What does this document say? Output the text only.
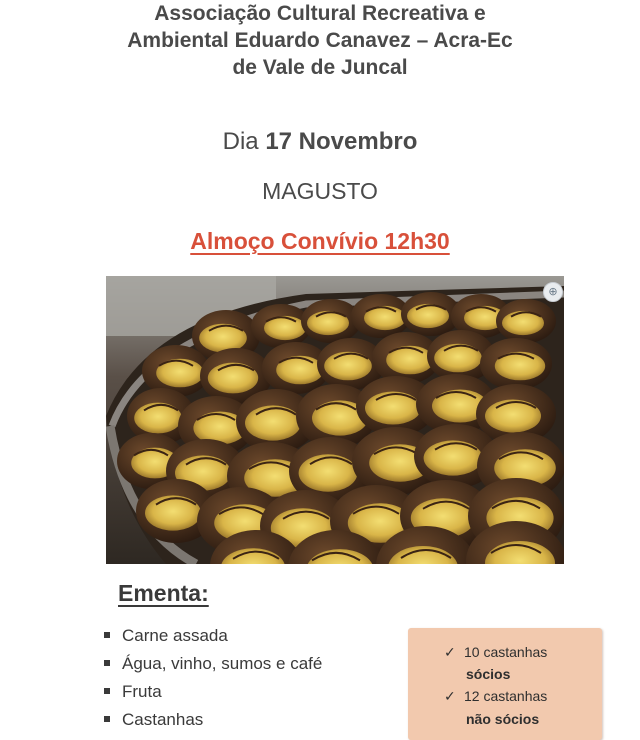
Associação Cultural Recreativa e
Ambiental Eduardo Canavez – Acra-Ec
de Vale de Juncal
Dia 17 Novembro
MAGUSTO
Almoço Convívio 12h30
⊕
Ementa:
Carne assada
Água, vinho, sumos e café
Fruta
Castanhas
✓ 10 castanhas
sócios
✓ 12 castanhas
não sócios
